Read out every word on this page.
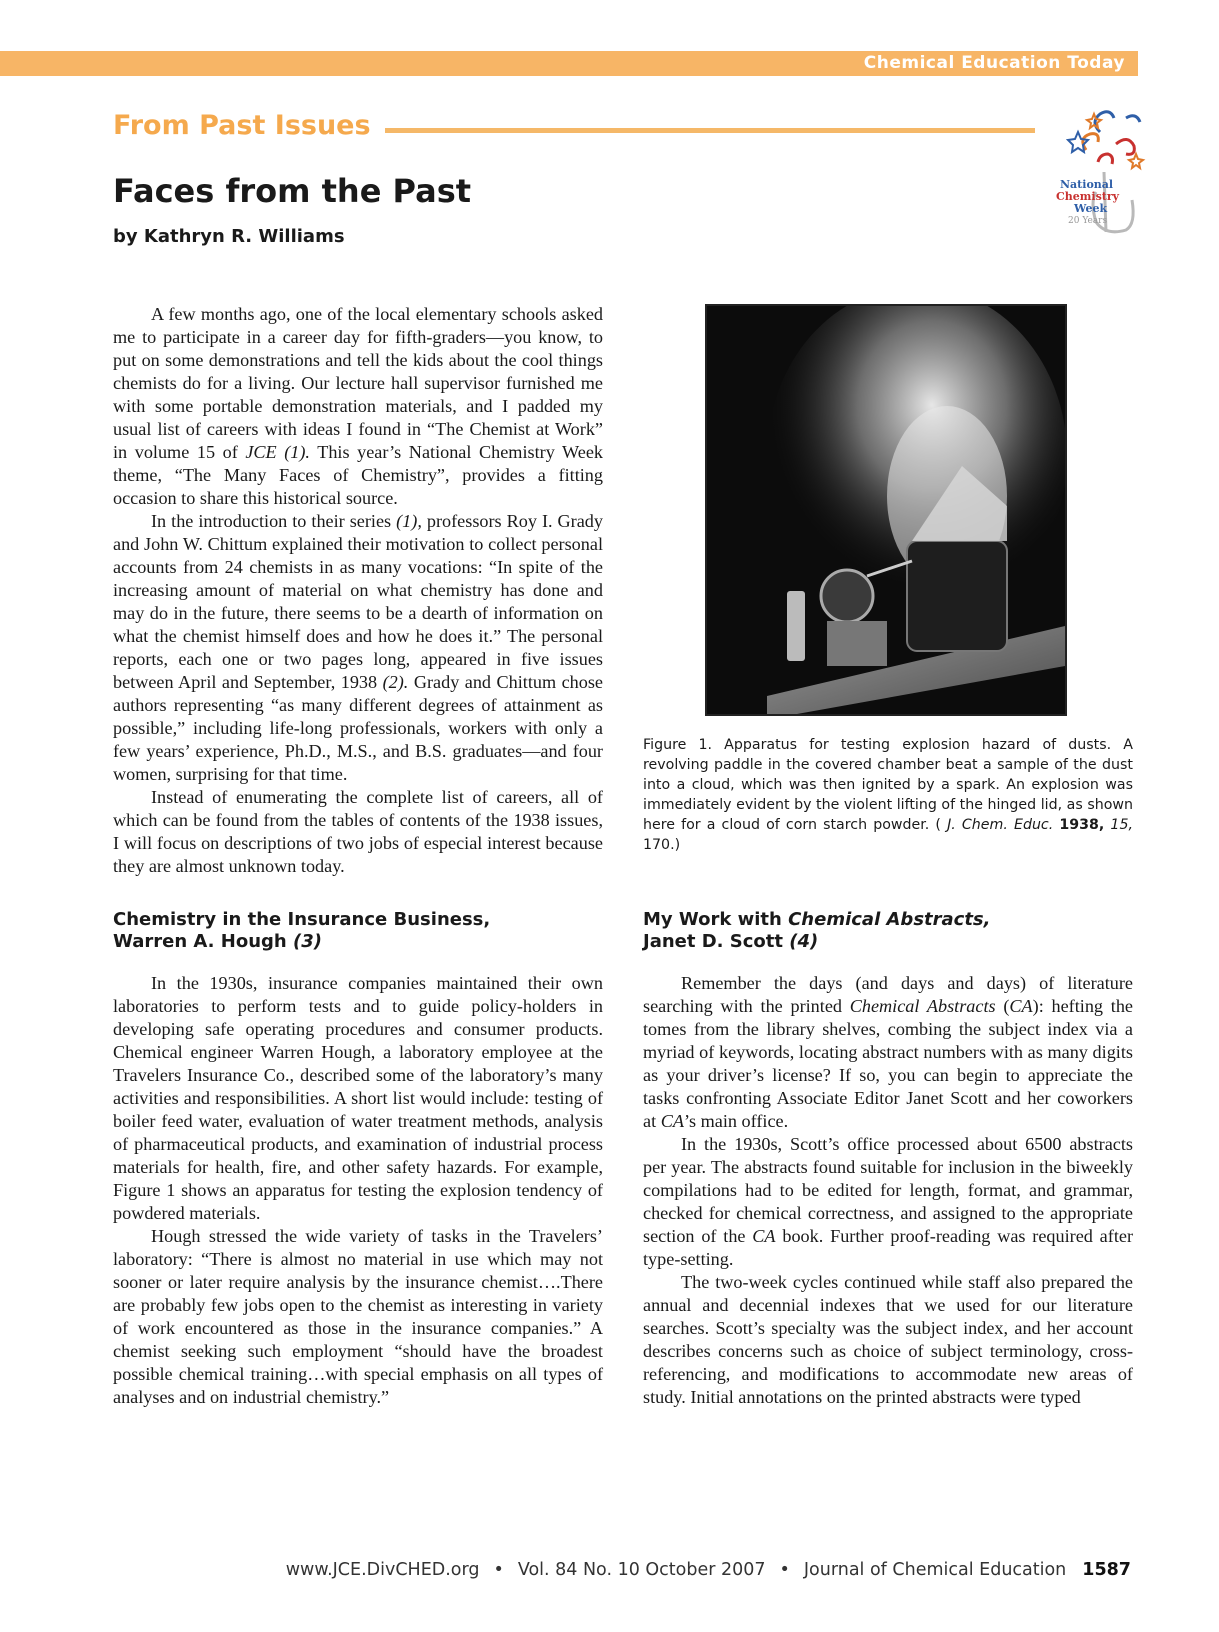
Chemical Education Today
From Past Issues
Faces from the Past
by Kathryn R. Williams
National
Chemistry
Week
20 Years

A few months ago, one of the local elementary schools asked me to participate in a career day for fifth-graders—you know, to put on some demonstrations and tell the kids about the cool things chemists do for a living. Our lecture hall supervisor furnished me with some portable demonstration materials, and I padded my usual list of careers with ideas I found in “The Chemist at Work” in volume 15 of JCE (1). This year’s National Chemistry Week theme, “The Many Faces of Chemistry”, provides a fitting occasion to share this historical source.

In the introduction to their series (1), professors Roy I. Grady and John W. Chittum explained their motivation to collect personal accounts from 24 chemists in as many vocations: “In spite of the increasing amount of material on what chemistry has done and may do in the future, there seems to be a dearth of information on what the chemist himself does and how he does it.” The personal reports, each one or two pages long, appeared in five issues between April and September, 1938 (2). Grady and Chittum chose authors representing “as many different degrees of attainment as possible,” including life-long professionals, workers with only a few years’ experience, Ph.D., M.S., and B.S. graduates—and four women, surprising for that time.

Instead of enumerating the complete list of careers, all of which can be found from the tables of contents of the 1938 issues, I will focus on descriptions of two jobs of especial interest because they are almost unknown today.

Figure 1. Apparatus for testing explosion hazard of dusts. A revolving paddle in the covered chamber beat a sample of the dust into a cloud, which was then ignited by a spark. An explosion was immediately evident by the violent lifting of the hinged lid, as shown here for a cloud of corn starch powder. ( J. Chem. Educ. 1938, 15, 170.)
Chemistry in the Insurance Business,
Warren A. Hough (3)
My Work with Chemical Abstracts,
Janet D. Scott (4)

In the 1930s, insurance companies maintained their own laboratories to perform tests and to guide policy-holders in developing safe operating procedures and consumer products. Chemical engineer Warren Hough, a laboratory employee at the Travelers Insurance Co., described some of the laboratory’s many activities and responsibilities. A short list would include: testing of boiler feed water, evaluation of water treatment methods, analysis of pharmaceutical products, and examination of industrial process materials for health, fire, and other safety hazards. For example, Figure 1 shows an apparatus for testing the explosion tendency of powdered materials.

Hough stressed the wide variety of tasks in the Travelers’ laboratory: “There is almost no material in use which may not sooner or later require analysis by the insurance chemist….There are probably few jobs open to the chemist as interesting in variety of work encountered as those in the insurance companies.” A chemist seeking such employment “should have the broadest possible chemical training…with special emphasis on all types of analyses and on industrial chemistry.”

Remember the days (and days and days) of literature searching with the printed Chemical Abstracts (CA): hefting the tomes from the library shelves, combing the subject index via a myriad of keywords, locating abstract numbers with as many digits as your driver’s license? If so, you can begin to appreciate the tasks confronting Associate Editor Janet Scott and her coworkers at CA’s main office.

In the 1930s, Scott’s office processed about 6500 abstracts per year. The abstracts found suitable for inclusion in the biweekly compilations had to be edited for length, format, and grammar, checked for chemical correctness, and assigned to the appropriate section of the CA book. Further proof-reading was required after type-setting.

The two-week cycles continued while staff also prepared the annual and decennial indexes that we used for our literature searches. Scott’s specialty was the subject index, and her account describes concerns such as choice of subject terminology, cross-referencing, and modifications to accommodate new areas of study. Initial annotations on the printed abstracts were typed

www.JCE.DivCHED.org • Vol. 84 No. 10 October 2007 • Journal of Chemical Education 1587
